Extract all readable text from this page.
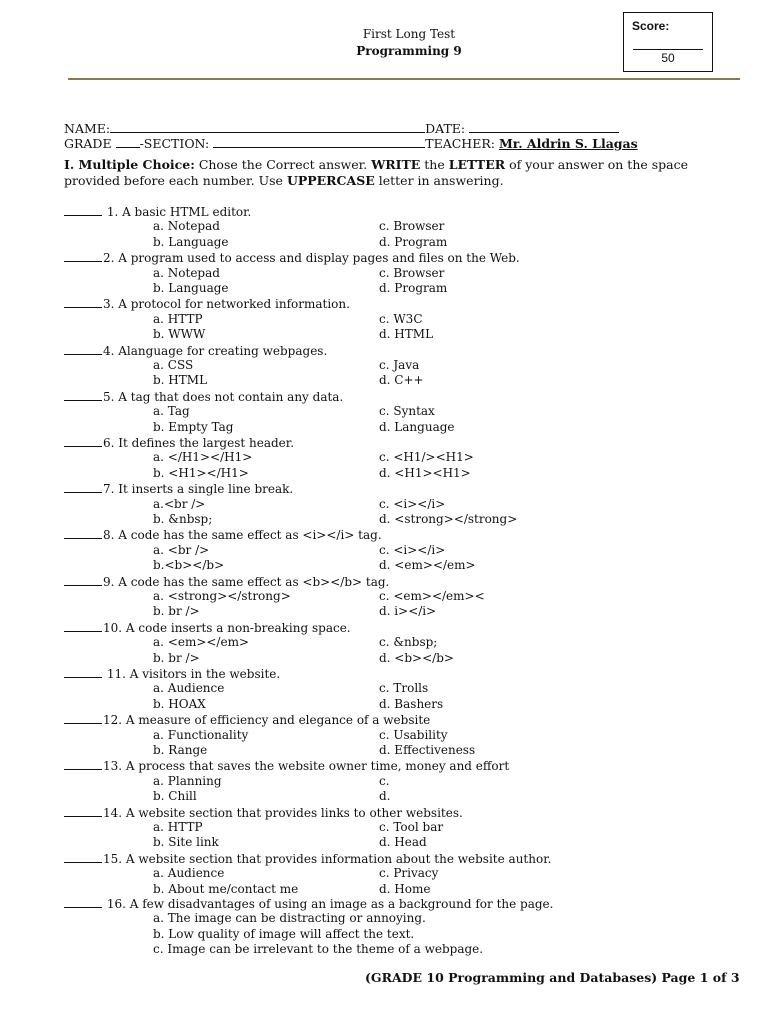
First Long Test
Programming 9
Score:
50
NAME:	DATE:
GRADE -SECTION:	TEACHER: Mr. Aldrin S. Llagas
I. Multiple Choice: Chose the Correct answer. WRITE the LETTER of your answer on the space provided before each number. Use UPPERCASE letter in answering.
1. A basic HTML editor.
a. Notepad	c. Browser
b. Language	d. Program
2. A program used to access and display pages and files on the Web.
a. Notepad	c. Browser
b. Language	d. Program
3. A protocol for networked information.
a. HTTP	c. W3C
b. WWW	d. HTML
4. Alanguage for creating webpages.
a. CSS	c. Java
b. HTML	d. C++
5. A tag that does not contain any data.
a. Tag	c. Syntax
b. Empty Tag	d. Language
6. It defines the largest header.
a. </H1></H1>	c. <H1/><H1>
b. <H1></H1>	d. <H1><H1>
7. It inserts a single line break.
a.<br />	c. <i></i>
b. &nbsp;	d. <strong></strong>
8. A code has the same effect as <i></i> tag.
a. <br />	c. <i></i>
b.<b></b>	d. <em></em>
9. A code has the same effect as <b></b> tag.
a. <strong></strong>	c. <em></em><
b. br />	d. i></i>
10. A code inserts a non-breaking space.
a. <em></em>	c. &nbsp;
b. br />	d. <b></b>
11. A visitors in the website.
a. Audience	c. Trolls
b. HOAX	d. Bashers
12. A measure of efficiency and elegance of a website
a. Functionality	c. Usability
b. Range	d. Effectiveness
13. A process that saves the website owner time, money and effort
a. Planning	c.
b. Chill	d.
14. A website section that provides links to other websites.
a. HTTP	c. Tool bar
b. Site link	d. Head
15. A website section that provides information about the website author.
a. Audience	c. Privacy
b. About me/contact me	d. Home
16. A few disadvantages of using an image as a background for the page.
a. The image can be distracting or annoying.
b. Low quality of image will affect the text.
c. Image can be irrelevant to the theme of a webpage.
(GRADE 10 Programming and Databases) Page 1 of 3
